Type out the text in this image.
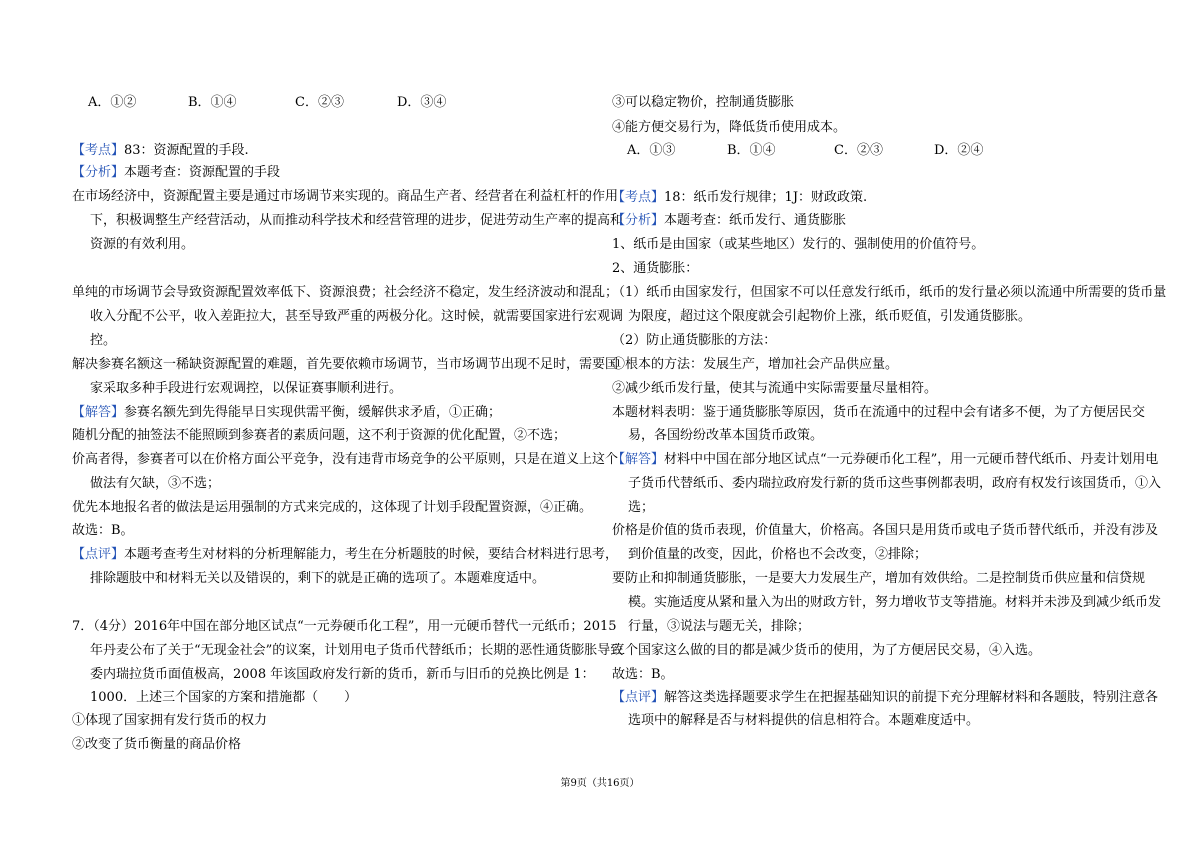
A．①②	B．①④	C．②③	D．③④
【考点】83：资源配置的手段.
【分析】本题考查：资源配置的手段
在市场经济中，资源配置主要是通过市场调节来实现的。商品生产者、经营者在利益杠杆的作用
下，积极调整生产经营活动，从而推动科学技术和经营管理的进步，促进劳动生产率的提高和
资源的有效利用。
单纯的市场调节会导致资源配置效率低下、资源浪费；社会经济不稳定，发生经济波动和混乱；
收入分配不公平，收入差距拉大，甚至导致严重的两极分化。这时候，就需要国家进行宏观调
控。
解决参赛名额这一稀缺资源配置的难题，首先要依赖市场调节，当市场调节出现不足时，需要国
家采取多种手段进行宏观调控，以保证赛事顺利进行。
【解答】参赛名额先到先得能早日实现供需平衡，缓解供求矛盾，①正确；
随机分配的抽签法不能照顾到参赛者的素质问题，这不利于资源的优化配置，②不选；
价高者得，参赛者可以在价格方面公平竞争，没有违背市场竞争的公平原则，只是在道义上这个
做法有欠缺，③不选；
优先本地报名者的做法是运用强制的方式来完成的，这体现了计划手段配置资源，④正确。
故选：B。
【点评】本题考查考生对材料的分析理解能力，考生在分析题肢的时候，要结合材料进行思考，
排除题肢中和材料无关以及错误的，剩下的就是正确的选项了。本题难度适中。
7．（4分）2016年中国在部分地区试点“一元券硬币化工程”，用一元硬币替代一元纸币；2015
年丹麦公布了关于“无现金社会”的议案，计划用电子货币代替纸币；长期的恶性通货膨胀导致
委内瑞拉货币面值极高，2008 年该国政府发行新的货币，新币与旧币的兑换比例是 1：
1000．上述三个国家的方案和措施都（　　）
①体现了国家拥有发行货币的权力
②改变了货币衡量的商品价格
③可以稳定物价，控制通货膨胀
④能方便交易行为，降低货币使用成本。
A．①③	B．①④	C．②③	D．②④
【考点】18：纸币发行规律；1J：财政政策.
【分析】本题考查：纸币发行、通货膨胀
1、纸币是由国家（或某些地区）发行的、强制使用的价值符号。
2、通货膨胀：
（1）纸币由国家发行，但国家不可以任意发行纸币，纸币的发行量必须以流通中所需要的货币量
为限度，超过这个限度就会引起物价上涨，纸币贬值，引发通货膨胀。
（2）防止通货膨胀的方法：
①根本的方法：发展生产，增加社会产品供应量。
②减少纸币发行量，使其与流通中实际需要量尽量相符。
本题材料表明：鉴于通货膨胀等原因，货币在流通中的过程中会有诸多不便，为了方便居民交
易，各国纷纷改革本国货币政策。
【解答】材料中中国在部分地区试点“一元券硬币化工程”，用一元硬币替代纸币、丹麦计划用电
子货币代替纸币、委内瑞拉政府发行新的货币这些事例都表明，政府有权发行该国货币，①入
选；
价格是价值的货币表现，价值量大，价格高。各国只是用货币或电子货币替代纸币，并没有涉及
到价值量的改变，因此，价格也不会改变，②排除；
要防止和抑制通货膨胀，一是要大力发展生产，增加有效供给。二是控制货币供应量和信贷规
模。实施适度从紧和量入为出的财政方针，努力增收节支等措施。材料并未涉及到减少纸币发
行量，③说法与题无关，排除；
三个国家这么做的目的都是减少货币的使用，为了方便居民交易，④入选。
故选：B。
【点评】解答这类选择题要求学生在把握基础知识的前提下充分理解材料和各题肢，特别注意各
选项中的解释是否与材料提供的信息相符合。本题难度适中。
第9页（共16页）
